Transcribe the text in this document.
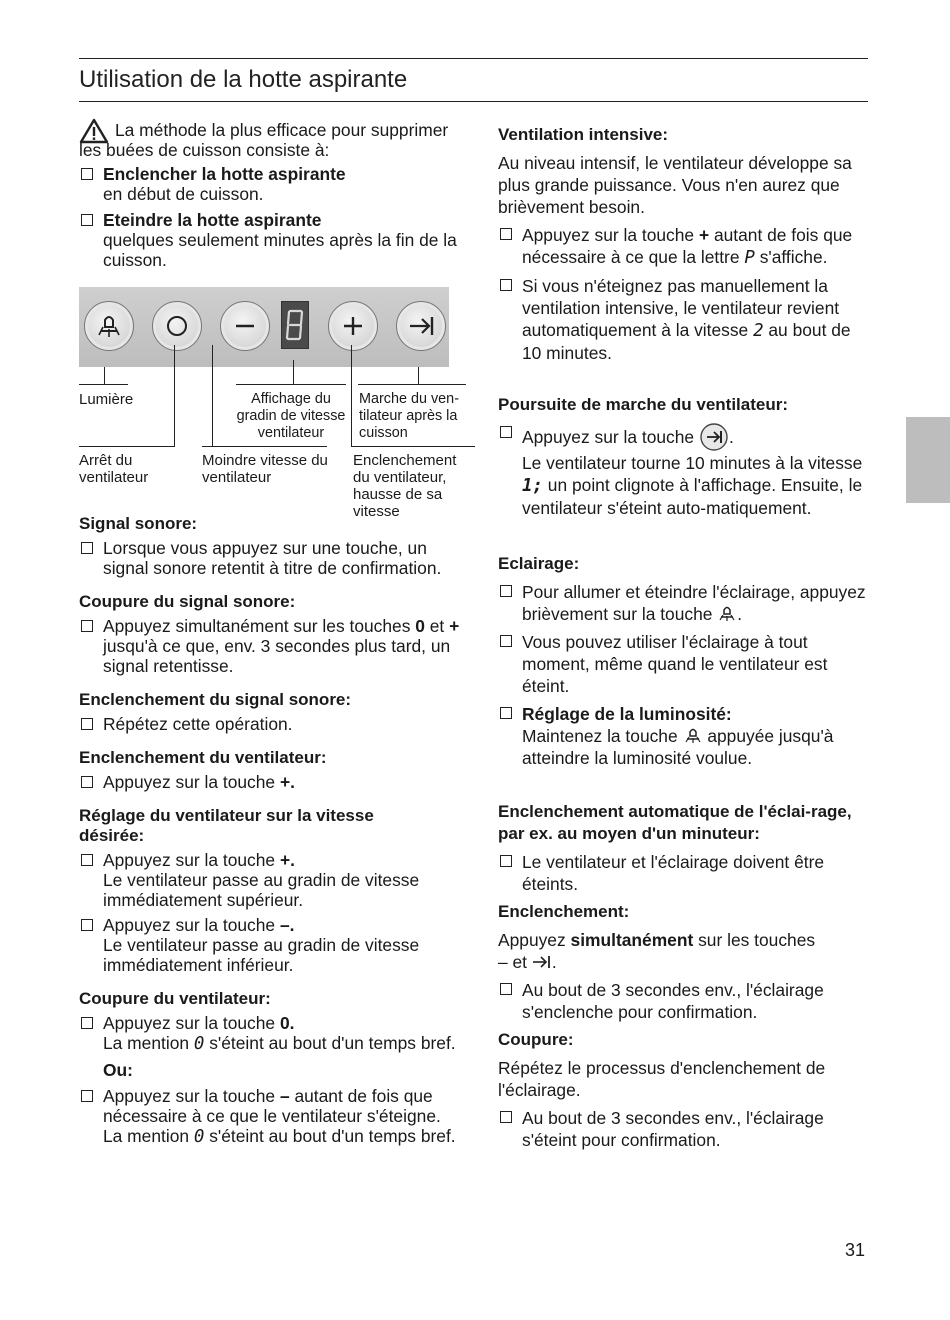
Utilisation de la hotte aspirante

La méthode la plus efficace pour supprimer les buées de cuisson consiste à:

Enclencher la hotte aspirante
en début de cuisson.
Eteindre la hotte aspirante
quelques seulement minutes après la fin de la cuisson.
Lumière	Affichage du gradin de vitesse ventilateur
Marche du ven-tilateur après la cuisson
Arrêt du ventilateur
Moindre vitesse du ventilateur
Enclenchement du ventilateur, hausse de sa vitesse

Signal sonore:

Lorsque vous appuyez sur une touche, un signal sonore retentit à titre de confirmation.

Coupure du signal sonore:

Appuyez simultanément sur les touches 0 et + jusqu'à ce que, env. 3 secondes plus tard, un signal retentisse.

Enclenchement du signal sonore:

Répétez cette opération.

Enclenchement du ventilateur:

Appuyez sur la touche +.

Réglage du ventilateur sur la vitesse désirée:

Appuyez sur la touche +.
Le ventilateur passe au gradin de vitesse immédiatement supérieur.
Appuyez sur la touche –.
Le ventilateur passe au gradin de vitesse immédiatement inférieur.

Coupure du ventilateur:

Appuyez sur la touche 0.
La mention 0 s'éteint au bout d'un temps bref.
Ou:
Appuyez sur la touche – autant de fois que nécessaire à ce que le ventilateur s'éteigne.
La mention 0 s'éteint au bout d'un temps bref.

Ventilation intensive:

Au niveau intensif, le ventilateur développe sa plus grande puissance. Vous n'en aurez que brièvement besoin.

Appuyez sur la touche + autant de fois que nécessaire à ce que la lettre P s'affiche.
Si vous n'éteignez pas manuellement la ventilation intensive, le ventilateur revient automatiquement à la vitesse 2 au bout de 10 minutes.

Poursuite de marche du ventilateur:

Appuyez sur la touche .
Le ventilateur tourne 10 minutes à la vitesse 1; un point clignote à l'affichage. Ensuite, le ventilateur s'éteint auto-matiquement.

Eclairage:

Pour allumer et éteindre l'éclairage, appuyez brièvement sur la touche .
Vous pouvez utiliser l'éclairage à tout moment, même quand le ventilateur est éteint.
Réglage de la luminosité:
Maintenez la touche appuyée jusqu'à atteindre la luminosité voulue.

Enclenchement automatique de l'éclai-rage, par ex. au moyen d'un minuteur:

Le ventilateur et l'éclairage doivent être éteints.

Enclenchement:

Appuyez simultanément sur les touches
– et .

Au bout de 3 secondes env., l'éclairage s'enclenche pour confirmation.

Coupure:

Répétez le processus d'enclenchement de l'éclairage.

Au bout de 3 secondes env., l'éclairage s'éteint pour confirmation.
31
